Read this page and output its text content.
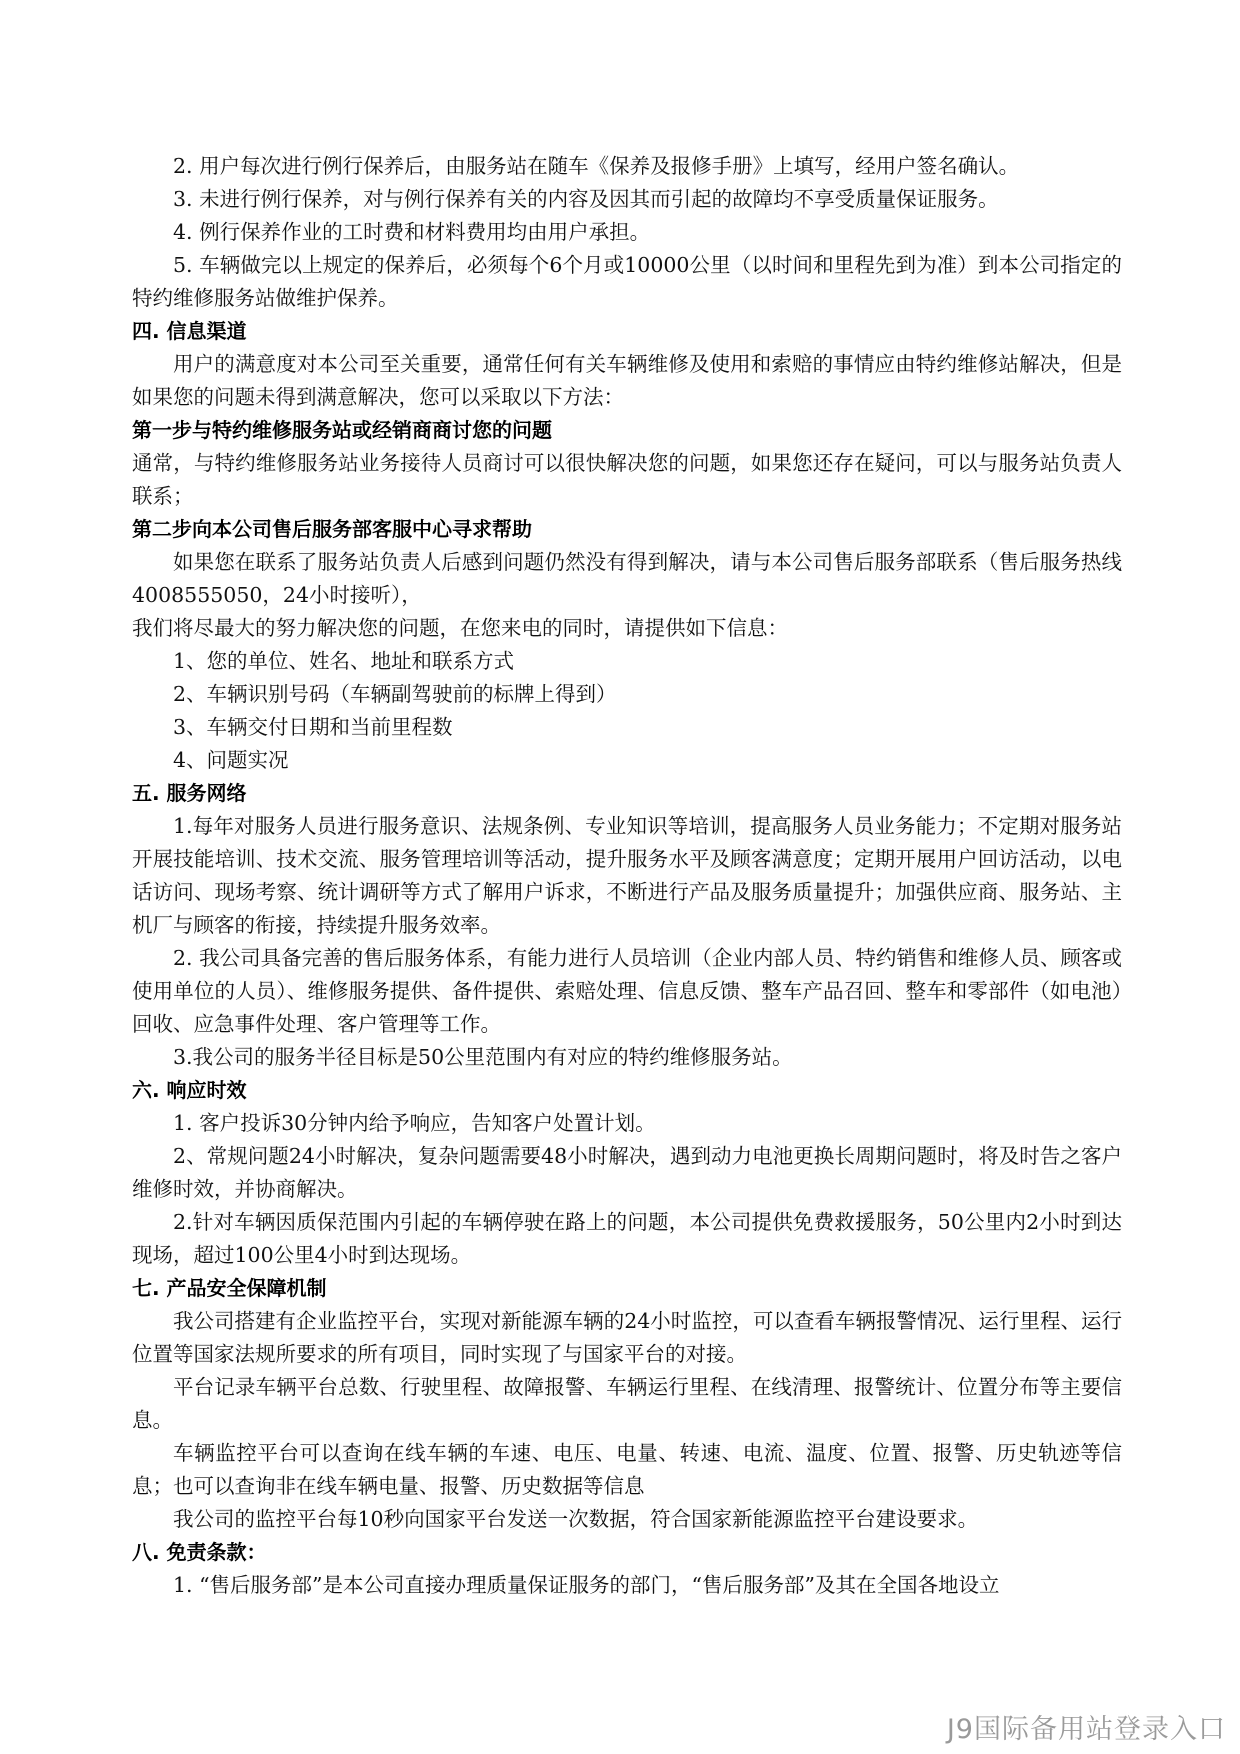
2. 用户每次进行例行保养后，由服务站在随车《保养及报修手册》上填写，经用户签名确认。

3. 未进行例行保养，对与例行保养有关的内容及因其而引起的故障均不享受质量保证服务。

4. 例行保养作业的工时费和材料费用均由用户承担。

5. 车辆做完以上规定的保养后，必须每个6个月或10000公里（以时间和里程先到为准）到本公司指定的特约维修服务站做维护保养。

四. 信息渠道

用户的满意度对本公司至关重要，通常任何有关车辆维修及使用和索赔的事情应由特约维修站解决，但是如果您的问题未得到满意解决，您可以采取以下方法：

第一步与特约维修服务站或经销商商讨您的问题

通常，与特约维修服务站业务接待人员商讨可以很快解决您的问题，如果您还存在疑问，可以与服务站负责人联系；

第二步向本公司售后服务部客服中心寻求帮助

如果您在联系了服务站负责人后感到问题仍然没有得到解决，请与本公司售后服务部联系（售后服务热线4008555050，24小时接听），

我们将尽最大的努力解决您的问题，在您来电的同时，请提供如下信息：

1、您的单位、姓名、地址和联系方式

2、车辆识别号码（车辆副驾驶前的标牌上得到）

3、车辆交付日期和当前里程数

4、问题实况

五. 服务网络

1.每年对服务人员进行服务意识、法规条例、专业知识等培训，提高服务人员业务能力；不定期对服务站开展技能培训、技术交流、服务管理培训等活动，提升服务水平及顾客满意度；定期开展用户回访活动，以电话访问、现场考察、统计调研等方式了解用户诉求，不断进行产品及服务质量提升；加强供应商、服务站、主机厂与顾客的衔接，持续提升服务效率。

2. 我公司具备完善的售后服务体系，有能力进行人员培训（企业内部人员、特约销售和维修人员、顾客或使用单位的人员）、维修服务提供、备件提供、索赔处理、信息反馈、整车产品召回、整车和零部件（如电池）回收、应急事件处理、客户管理等工作。

3.我公司的服务半径目标是50公里范围内有对应的特约维修服务站。

六. 响应时效

1. 客户投诉30分钟内给予响应，告知客户处置计划。

2、常规问题24小时解决，复杂问题需要48小时解决，遇到动力电池更换长周期问题时，将及时告之客户维修时效，并协商解决。

2.针对车辆因质保范围内引起的车辆停驶在路上的问题，本公司提供免费救援服务，50公里内2小时到达现场，超过100公里4小时到达现场。

七. 产品安全保障机制

我公司搭建有企业监控平台，实现对新能源车辆的24小时监控，可以查看车辆报警情况、运行里程、运行位置等国家法规所要求的所有项目，同时实现了与国家平台的对接。

平台记录车辆平台总数、行驶里程、故障报警、车辆运行里程、在线清理、报警统计、位置分布等主要信息。

车辆监控平台可以查询在线车辆的车速、电压、电量、转速、电流、温度、位置、报警、历史轨迹等信息；也可以查询非在线车辆电量、报警、历史数据等信息

我公司的监控平台每10秒向国家平台发送一次数据，符合国家新能源监控平台建设要求。

八. 免责条款：

1. “售后服务部”是本公司直接办理质量保证服务的部门，“售后服务部”及其在全国各地设立

J9国际备用站登录入口
